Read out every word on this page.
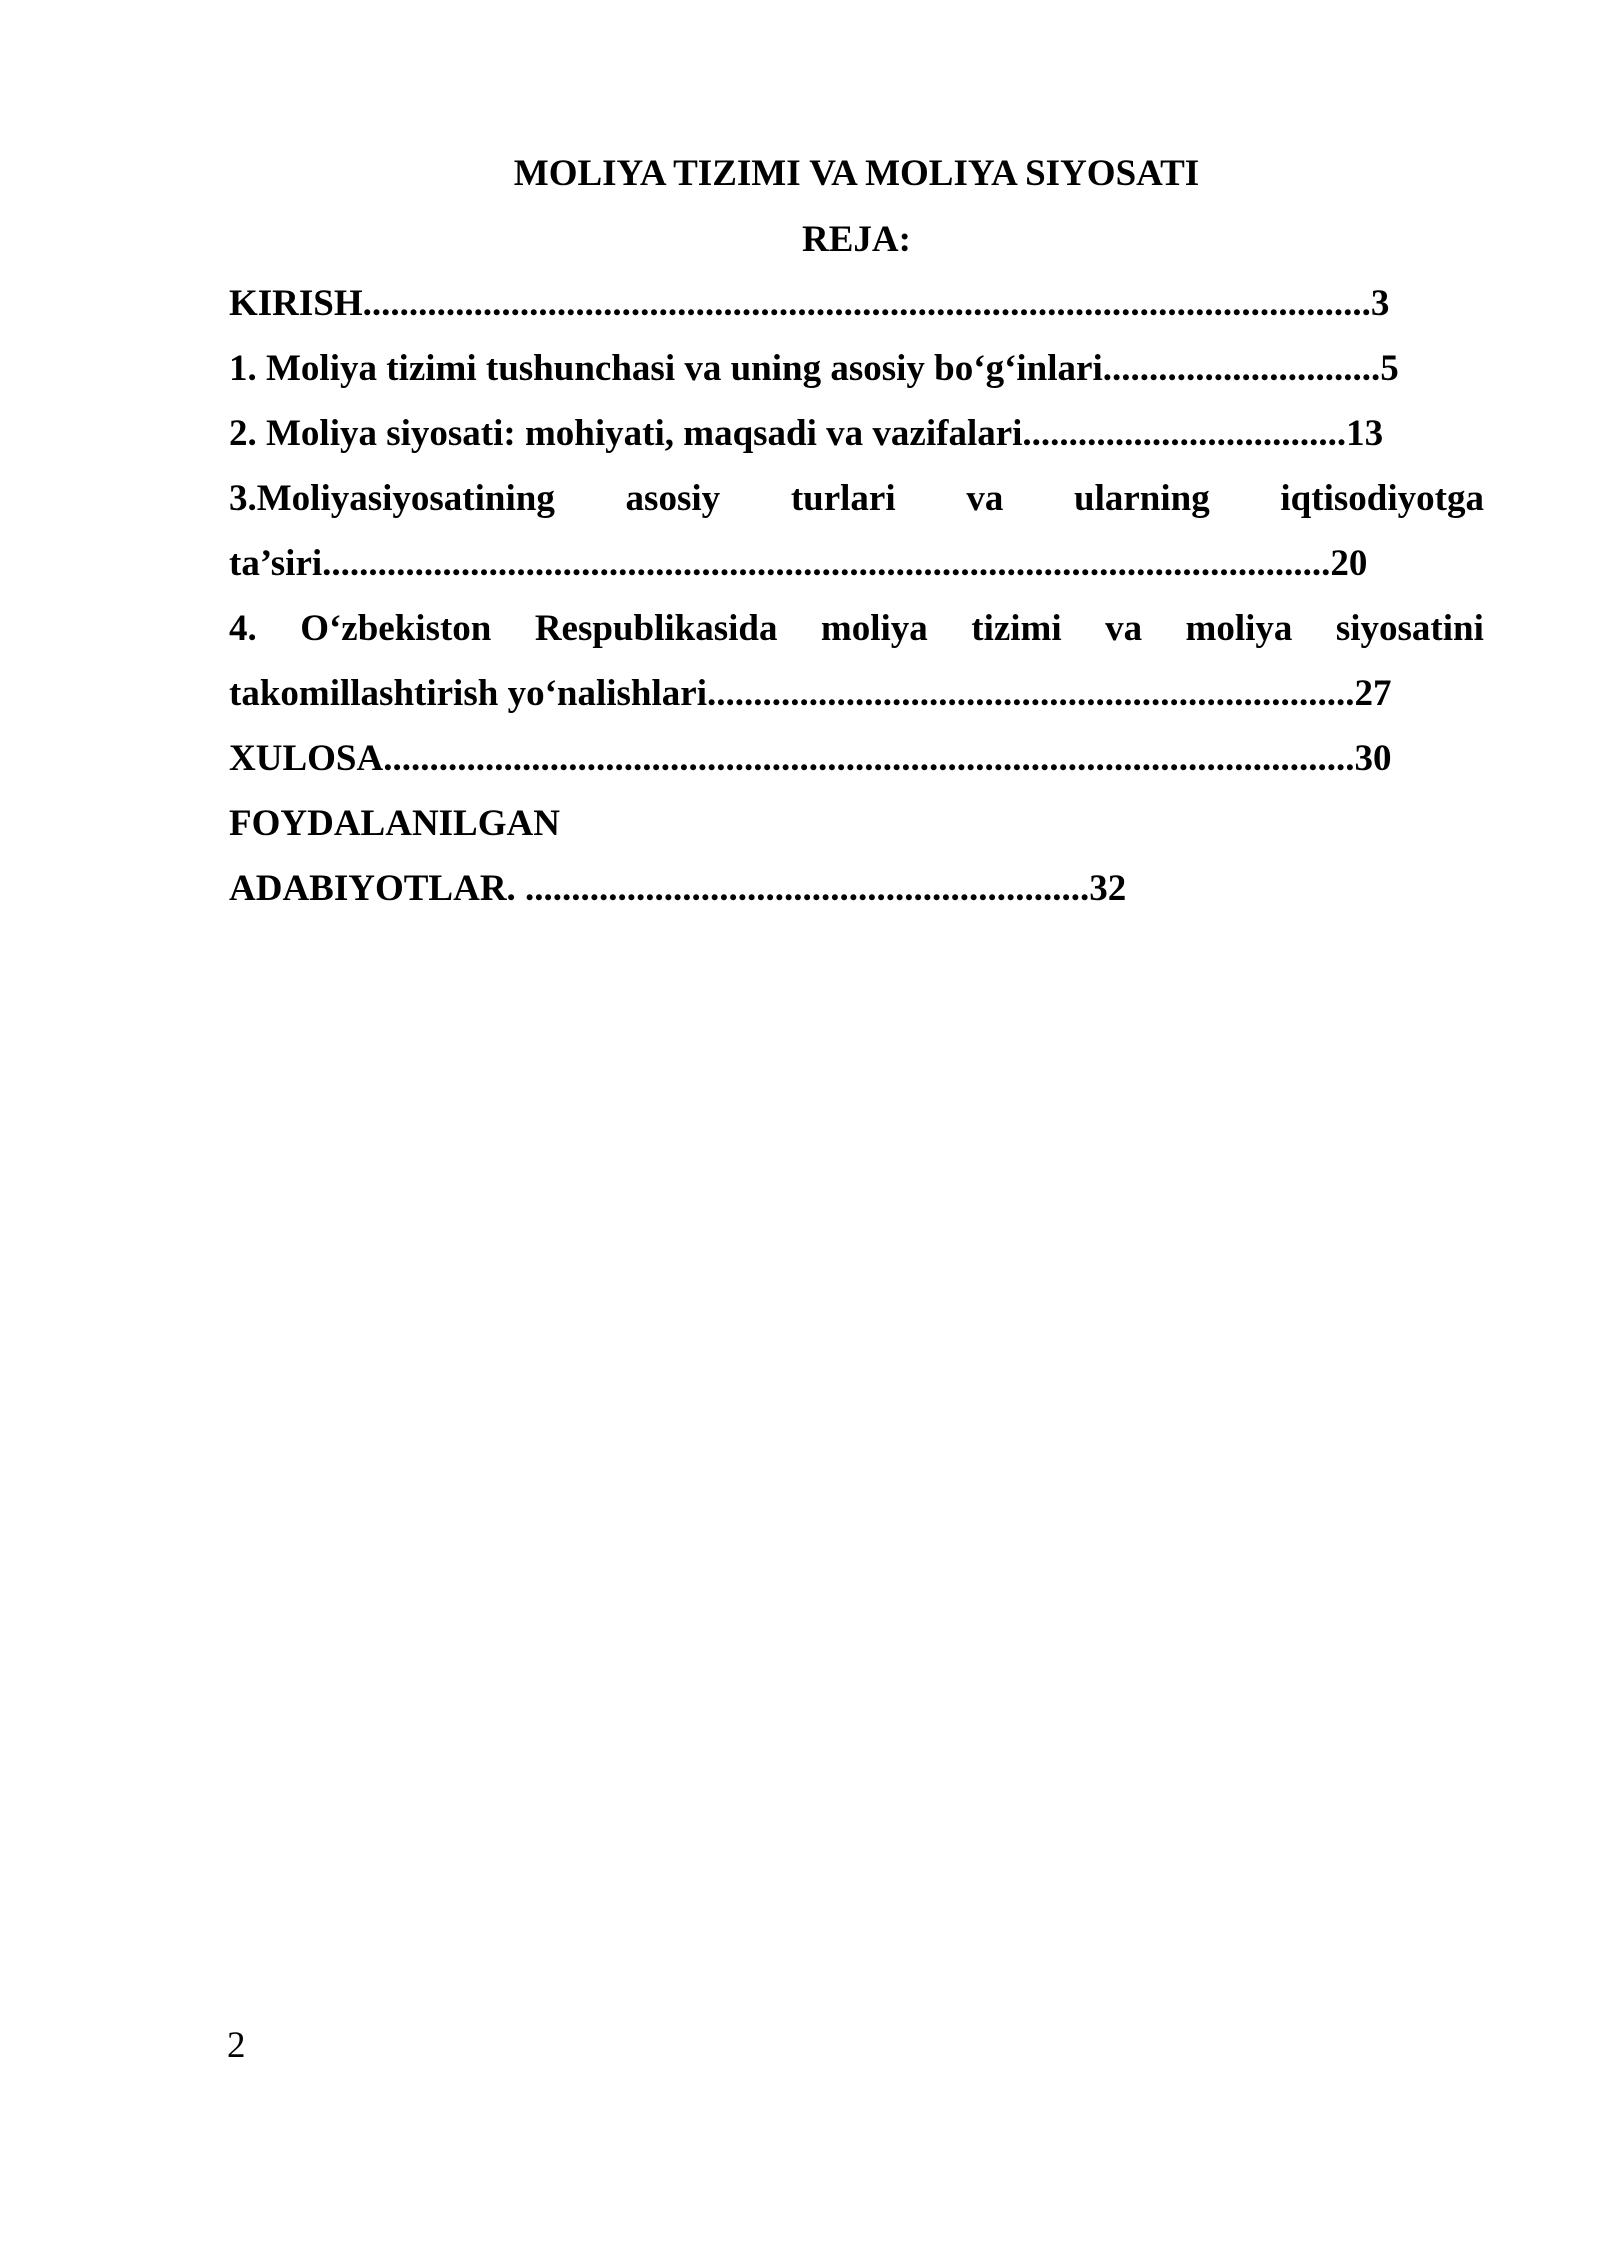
MOLIYA TIZIMI VA MOLIYA SIYOSATI
REJA:
KIRISH.............................................................................................................3
1. Moliya tizimi tushunchasi va uning asosiy bo‘g‘inlari..............................5
2. Moliya siyosati: mohiyati, maqsadi va vazifalari...................................13
3.Moliyasiyosatining asosiy turlari va ularning iqtisodiyotga
ta’siri.............................................................................................................20
4. O‘zbekiston Respublikasida moliya tizimi va moliya siyosatini
takomillashtirish yo‘nalishlari......................................................................27
XULOSA.........................................................................................................30
FOYDALANILGAN
ADABIYOTLAR. .............................................................32
2
